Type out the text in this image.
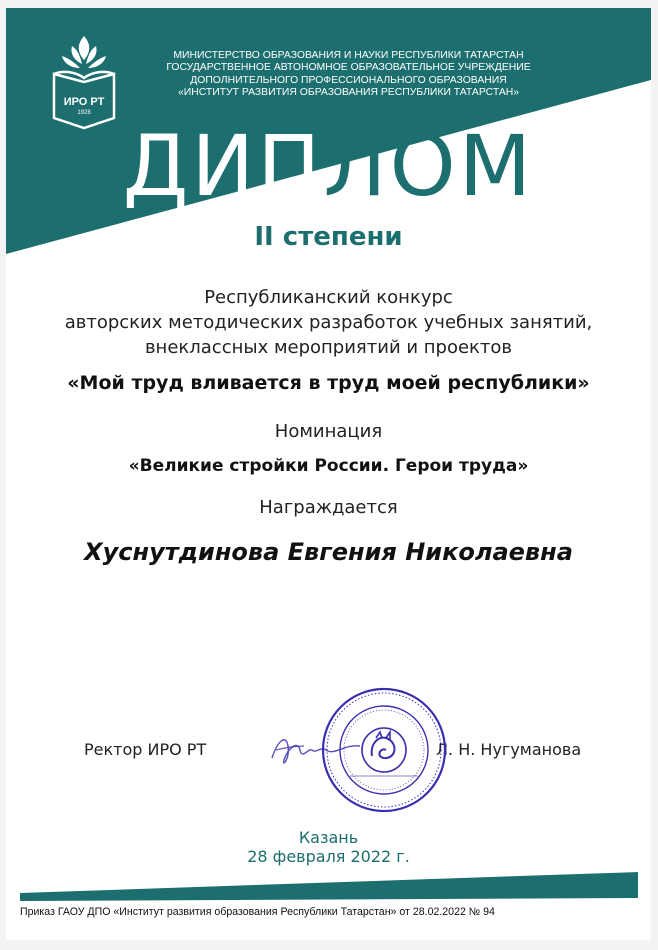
ИРО РТ
1928
МИНИСТЕРСТВО ОБРАЗОВАНИЯ И НАУКИ РЕСПУБЛИКИ ТАТАРСТАН
ГОСУДАРСТВЕННОЕ АВТОНОМНОЕ ОБРАЗОВАТЕЛЬНОЕ УЧРЕЖДЕНИЕ
ДОПОЛНИТЕЛЬНОГО ПРОФЕССИОНАЛЬНОГО ОБРАЗОВАНИЯ
«ИНСТИТУТ РАЗВИТИЯ ОБРАЗОВАНИЯ РЕСПУБЛИКИ ТАТАРСТАН»
ДИПЛОМ
II степени
Республиканский конкурс
авторских методических разработок учебных занятий,
внеклассных мероприятий и проектов
«Мой труд вливается в труд моей республики»
Номинация
«Великие стройки России. Герои труда»
Награждается
Хуснутдинова Евгения Николаевна
Ректор ИРО РТ	Л. Н. Нугуманова
Казань
28 февраля 2022 г.
Приказ ГАОУ ДПО «Институт развития образования Республики Татарстан» от 28.02.2022 № 94
